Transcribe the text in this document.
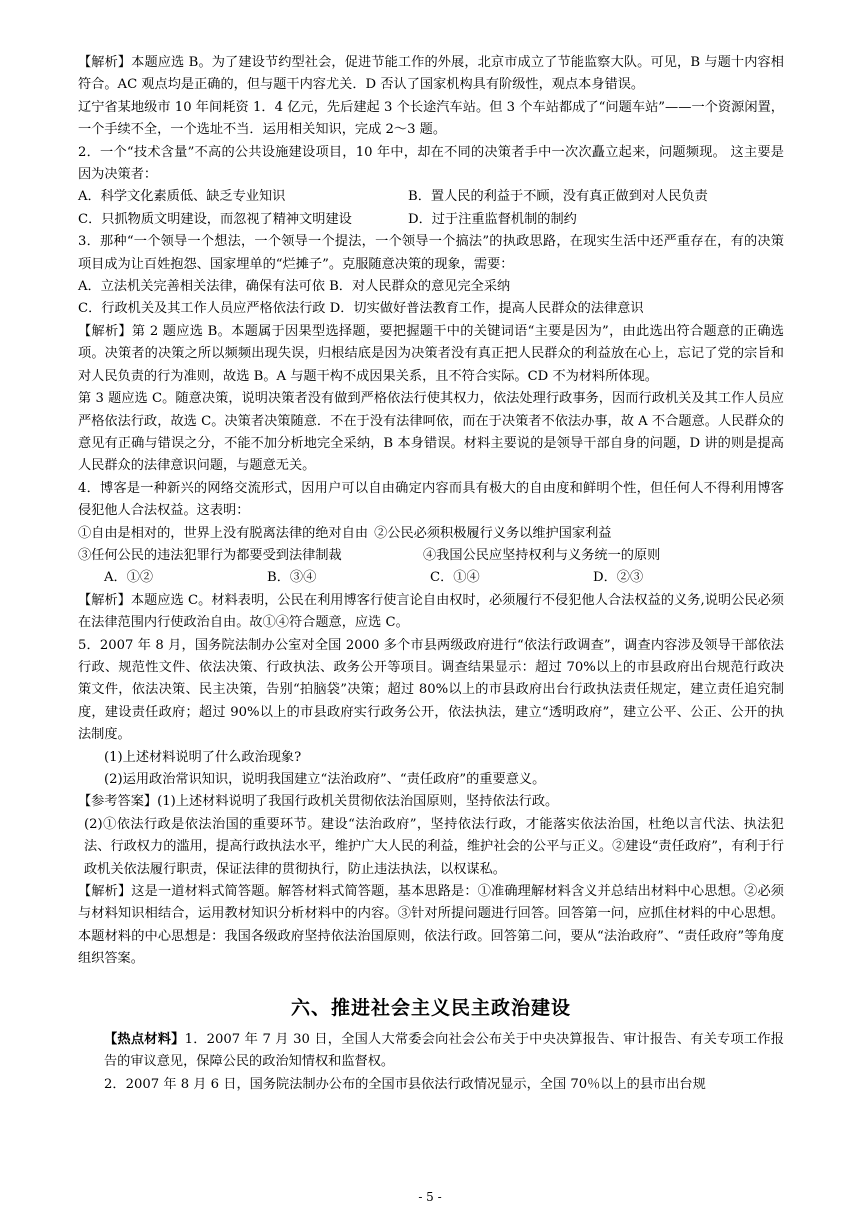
【解析】本题应选 B。为了建设节约型社会，促进节能工作的外展，北京市成立了节能监察大队。可见，B 与题十内容相符合。AC 观点均是正确的，但与题干内容尤关．D 否认了国家机构具有阶级性，观点本身错误。

辽宁省某地级市 10 年间耗资 1．4 亿元，先后建起 3 个长途汽车站。但 3 个车站都成了“问题车站”——一个资源闲置，一个手续不全，一个选址不当．运用相关知识，完成 2～3 题。

2．一个“技术含量”不高的公共设施建设项目，10 年中，却在不同的决策者手中一次次矗立起来，问题频现。 这主要是因为决策者：

A．科学文化素质低、缺乏专业知识	B．置人民的利益于不顾，没有真正做到对人民负责
C．只抓物质文明建设，而忽视了精神文明建设	D．过于注重监督机制的制约

3．那种“一个领导一个想法，一个领导一个提法，一个领导一个搞法”的执政思路，在现实生活中还严重存在，有的决策项目成为让百姓抱怨、国家埋单的“烂摊子”。克服随意决策的现象，需要：

A．立法机关完善相关法律，确保有法可依 B．对人民群众的意见完全采纳

C．行政机关及其工作人员应严格依法行政 D．切实做好普法教育工作，提高人民群众的法律意识

【解析】第 2 题应选 B。本题属于因果型选择题，要把握题干中的关键词语“主要是因为”，由此选出符合题意的正确选项。决策者的决策之所以频频出现失误，归根结底是因为决策者没有真正把人民群众的利益放在心上，忘记了党的宗旨和对人民负责的行为准则，故选 B。A 与题干构不成因果关系，且不符合实际。CD 不为材料所体现。

第 3 题应选 C。随意决策，说明决策者没有做到严格依法行使其权力，依法处理行政事务，因而行政机关及其工作人员应严格依法行政，故选 C。决策者决策随意．不在于没有法律呵依，而在于决策者不依法办事，故 A 不合题意。人民群众的意见有正确与错误之分，不能不加分析地完全采纳，B 本身错误。材料主要说的是领导干部自身的问题，D 讲的则是提高人民群众的法律意识问题，与题意无关。

4．博客是一种新兴的网络交流形式，因用户可以自由确定内容而具有极大的自由度和鲜明个性，但任何人不得利用博客侵犯他人合法权益。这表明：

①自由是相对的，世界上没有脱离法律的绝对自由 ②公民必须积极履行义务以维护国家利益
③任何公民的违法犯罪行为都要受到法律制裁	④我国公民应坚持权利与义务统一的原则
A．①②	B．③④	C．①④	D．②③

【解析】本题应选 C。材料表明，公民在利用博客行使言论自由权时，必须履行不侵犯他人合法权益的义务,说明公民必须在法律范围内行使政治自由。故①④符合题意，应选 C。

5．2007 年 8 月，国务院法制办公室对全国 2000 多个市县两级政府进行“依法行政调查”，调查内容涉及领导干部依法行政、规范性文件、依法决策、行政执法、政务公开等项目。调查结果显示：超过 70%以上的市县政府出台规范行政决策文件，依法决策、民主决策，告别“拍脑袋”决策；超过 80%以上的市县政府出台行政执法责任规定，建立责任追究制度，建设责任政府；超过 90%以上的市县政府实行政务公开，依法执法，建立“透明政府”，建立公平、公正、公开的执法制度。

(1)上述材料说明了什么政治现象?

(2)运用政治常识知识，说明我国建立“法治政府”、“责任政府”的重要意义。

【参考答案】(1)上述材料说明了我国行政机关贯彻依法治国原则，坚持依法行政。

(2)①依法行政是依法治国的重要环节。建设“法治政府”，坚持依法行政，才能落实依法治国，杜绝以言代法、执法犯法、行政权力的滥用，提高行政执法水平，维护广大人民的利益，维护社会的公平与正义。②建设“责任政府”，有利于行政机关依法履行职责，保证法律的贯彻执行，防止违法执法，以权谋私。

【解析】这是一道材料式简答题。解答材料式简答题，基本思路是：①准确理解材料含义并总结出材料中心思想。②必须与材料知识相结合，运用教材知识分析材料中的内容。③针对所提问题进行回答。回答第一问，应抓住材料的中心思想。本题材料的中心思想是：我国各级政府坚持依法治国原则，依法行政。回答第二问，要从“法治政府”、“责任政府”等角度组织答案。

六、推进社会主义民主政治建设

【热点材料】1．2007 年 7 月 30 日，全国人大常委会向社会公布关于中央决算报告、审计报告、有关专项工作报告的审议意见，保障公民的政治知情权和监督权。

2．2007 年 8 月 6 日，国务院法制办公布的全国市县依法行政情况显示，全国 70％以上的县市出台规

- 5 -
